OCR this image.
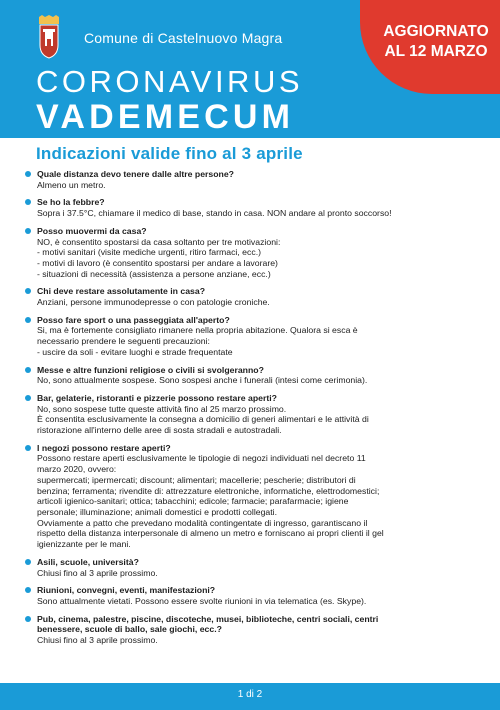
Comune di Castelnuovo Magra	AGGIORNATO
AL 12 MARZO
CORONAVIRUS
VADEMECUM
Indicazioni valide fino al 3 aprile
Quale distanza devo tenere dalle altre persone?
Almeno un metro.
Se ho la febbre?
Sopra i 37.5°C, chiamare il medico di base, stando in casa. NON andare al pronto soccorso!
Posso muovermi da casa?
NO, è consentito spostarsi da casa soltanto per tre motivazioni:
- motivi sanitari (visite mediche urgenti, ritiro farmaci, ecc.)
- motivi di lavoro (è consentito spostarsi per andare a lavorare)
- situazioni di necessità (assistenza a persone anziane, ecc.)
Chi deve restare assolutamente in casa?
Anziani, persone immunodepresse o con patologie croniche.
Posso fare sport o una passeggiata all'aperto?
Si, ma è fortemente consigliato rimanere nella propria abitazione. Qualora si esca è
necessario prendere le seguenti precauzioni:
- uscire da soli - evitare luoghi e strade frequentate
Messe e altre funzioni religiose o civili si svolgeranno?
No, sono attualmente sospese. Sono sospesi anche i funerali (intesi come cerimonia).
Bar, gelaterie, ristoranti e pizzerie possono restare aperti?
No, sono sospese tutte queste attività fino al 25 marzo prossimo.
È consentita esclusivamente la consegna a domicilio di generi alimentari e le attività di
ristorazione all'interno delle aree di sosta stradali e autostradali.
I negozi possono restare aperti?
Possono restare aperti esclusivamente le tipologie di negozi individuati nel decreto 11
marzo 2020, ovvero:
supermercati; ipermercati; discount; alimentari; macellerie; pescherie; distributori di
benzina; ferramenta; rivendite di: attrezzature elettroniche, informatiche, elettrodomestici;
articoli igienico-sanitari; ottica; tabacchini; edicole; farmacie; parafarmacie; igiene
personale; illuminazione; animali domestici e prodotti collegati.
Ovviamente a patto che prevedano modalità contingentate di ingresso, garantiscano il
rispetto della distanza interpersonale di almeno un metro e forniscano ai propri clienti il gel
igienizzante per le mani.
Asili, scuole, università?
Chiusi fino al 3 aprile prossimo.
Riunioni, convegni, eventi, manifestazioni?
Sono attualmente vietati. Possono essere svolte riunioni in via telematica (es. Skype).
Pub, cinema, palestre, piscine, discoteche, musei, biblioteche, centri sociali, centri
benessere, scuole di ballo, sale giochi, ecc.?
Chiusi fino al 3 aprile prossimo.
1 di 2
